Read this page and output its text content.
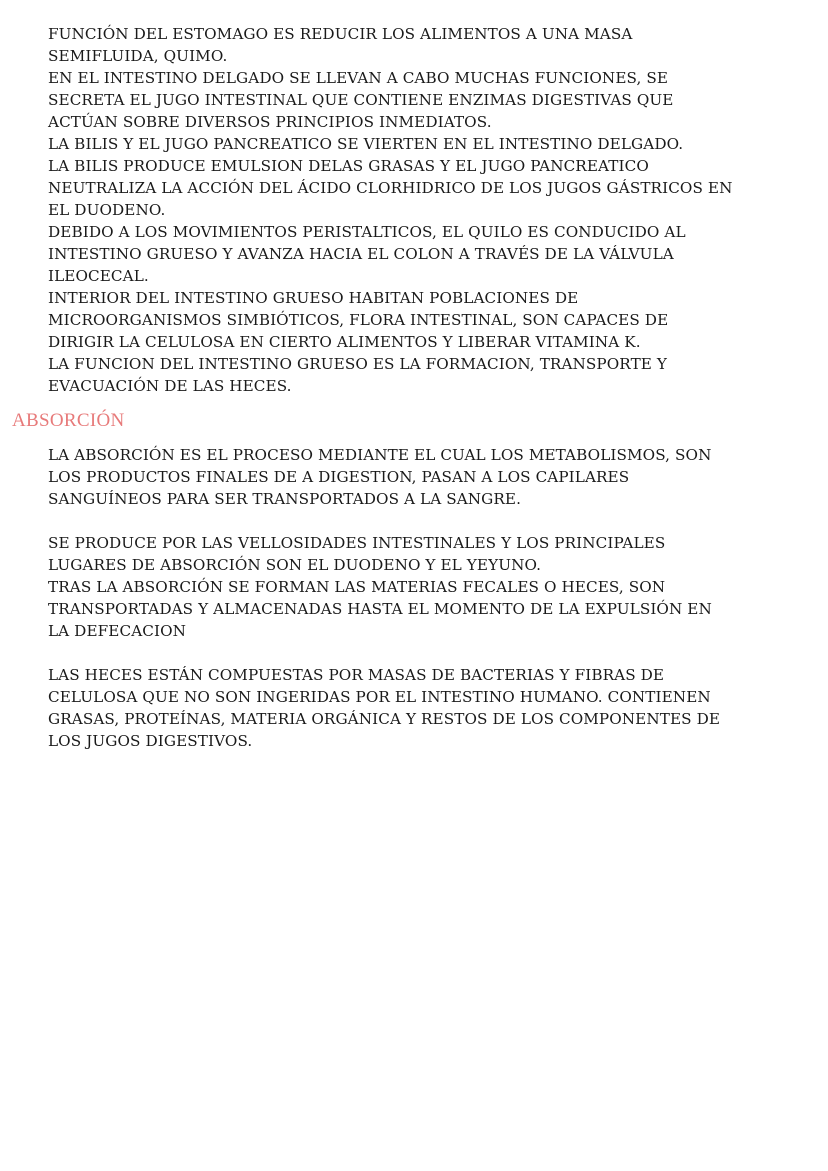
FUNCIÓN DEL ESTOMAGO ES REDUCIR LOS ALIMENTOS A UNA MASA
SEMIFLUIDA, QUIMO.
EN EL INTESTINO DELGADO SE LLEVAN A CABO MUCHAS FUNCIONES, SE
SECRETA EL JUGO INTESTINAL QUE CONTIENE ENZIMAS DIGESTIVAS QUE
ACTÚAN SOBRE DIVERSOS PRINCIPIOS INMEDIATOS.
LA BILIS Y EL JUGO PANCREATICO SE VIERTEN EN EL INTESTINO DELGADO.
LA BILIS PRODUCE EMULSION DELAS GRASAS Y EL JUGO PANCREATICO
NEUTRALIZA LA ACCIÓN DEL ÁCIDO CLORHIDRICO DE LOS JUGOS GÁSTRICOS EN
EL DUODENO.
DEBIDO A LOS MOVIMIENTOS PERISTALTICOS, EL QUILO ES CONDUCIDO AL
INTESTINO GRUESO Y AVANZA HACIA EL COLON A TRAVÉS DE LA VÁLVULA
ILEOCECAL.
INTERIOR DEL INTESTINO GRUESO HABITAN POBLACIONES DE
MICROORGANISMOS SIMBIÓTICOS, FLORA INTESTINAL, SON CAPACES DE
DIRIGIR LA CELULOSA EN CIERTO ALIMENTOS Y LIBERAR VITAMINA K.
LA FUNCION DEL INTESTINO GRUESO ES LA FORMACION, TRANSPORTE Y
EVACUACIÓN DE LAS HECES.

ABSORCIÓN

LA ABSORCIÓN ES EL PROCESO MEDIANTE EL CUAL LOS METABOLISMOS, SON
LOS PRODUCTOS FINALES DE A DIGESTION, PASAN A LOS CAPILARES
SANGUÍNEOS PARA SER TRANSPORTADOS A LA SANGRE.

SE PRODUCE POR LAS VELLOSIDADES INTESTINALES Y LOS PRINCIPALES
LUGARES DE ABSORCIÓN SON EL DUODENO Y EL YEYUNO.
TRAS LA ABSORCIÓN SE FORMAN LAS MATERIAS FECALES O HECES, SON
TRANSPORTADAS Y ALMACENADAS HASTA EL MOMENTO DE LA EXPULSIÓN EN
LA DEFECACION

LAS HECES ESTÁN COMPUESTAS POR MASAS DE BACTERIAS Y FIBRAS DE
CELULOSA QUE NO SON INGERIDAS POR EL INTESTINO HUMANO. CONTIENEN
GRASAS, PROTEÍNAS, MATERIA ORGÁNICA Y RESTOS DE LOS COMPONENTES DE
LOS JUGOS DIGESTIVOS.
